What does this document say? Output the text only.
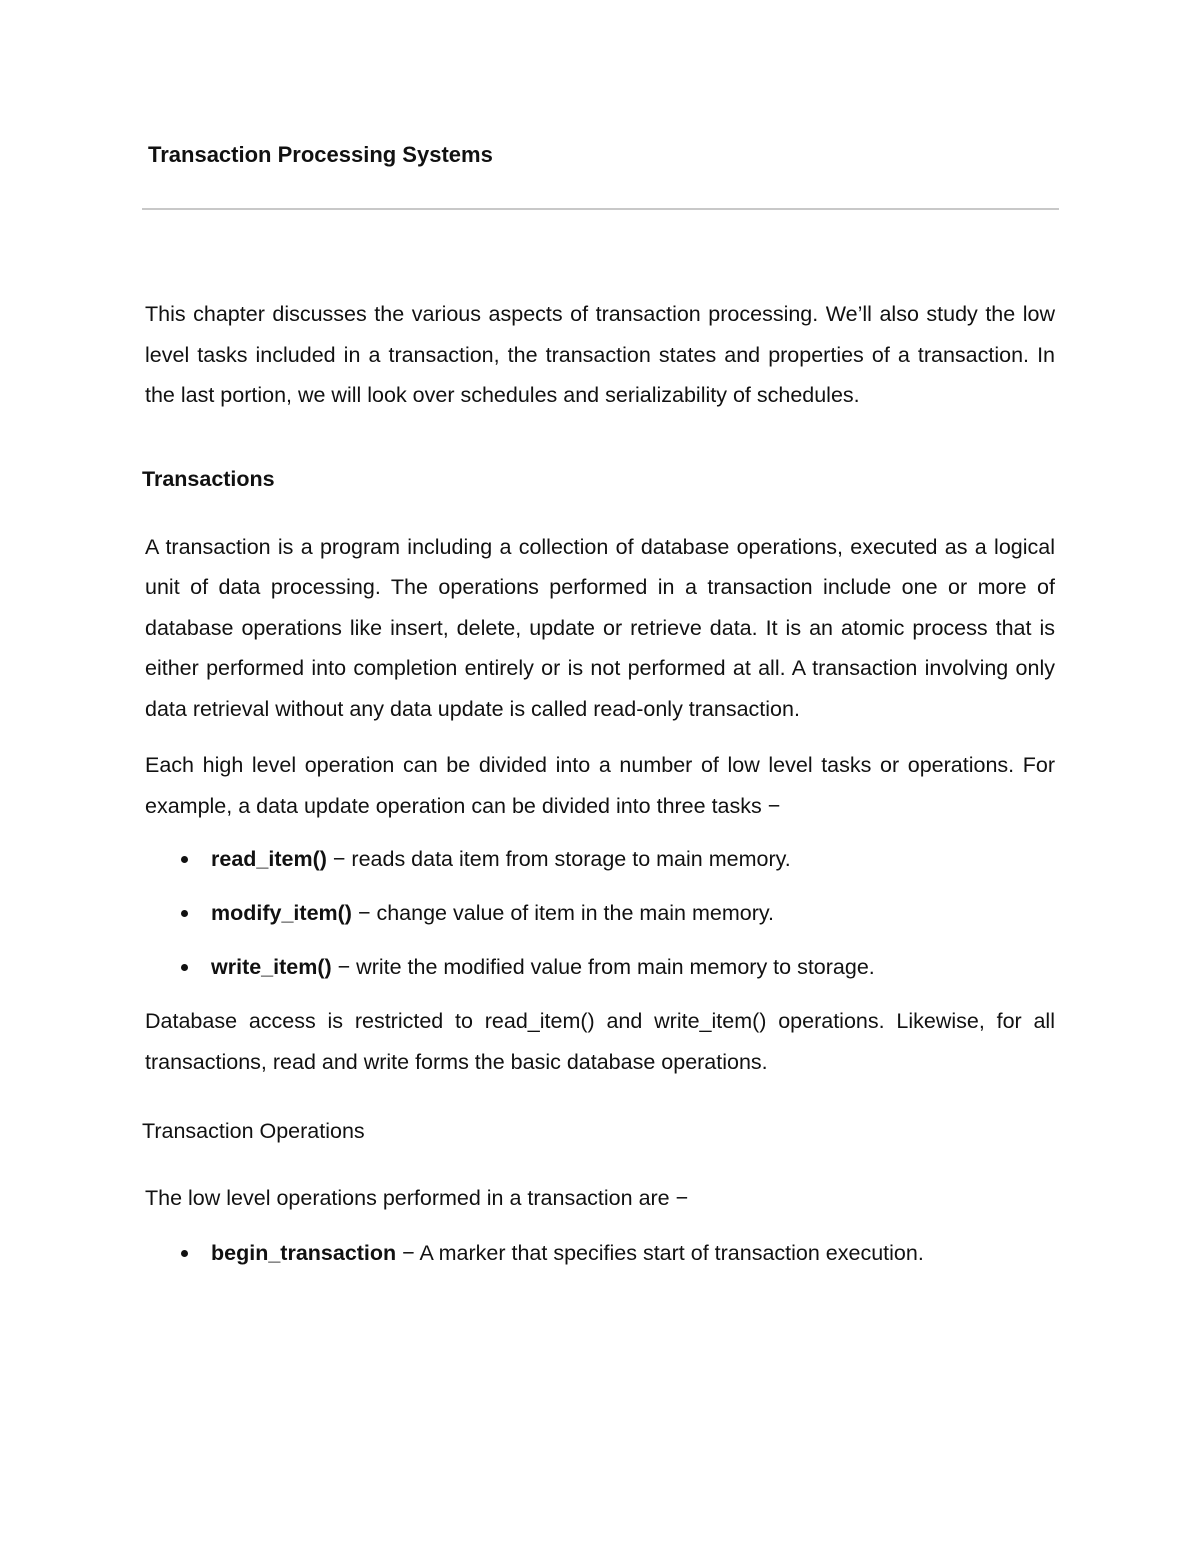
Transaction Processing Systems

This chapter discusses the various aspects of transaction processing. We’ll also study the low level tasks included in a transaction, the transaction states and properties of a transaction. In the last portion, we will look over schedules and serializability of schedules.

Transactions

A transaction is a program including a collection of database operations, executed as a logical unit of data processing. The operations performed in a transaction include one or more of database operations like insert, delete, update or retrieve data. It is an atomic process that is either performed into completion entirely or is not performed at all. A transaction involving only data retrieval without any data update is called read-only transaction.

Each high level operation can be divided into a number of low level tasks or operations. For example, a data update operation can be divided into three tasks −

read_item() − reads data item from storage to main memory.
modify_item() − change value of item in the main memory.
write_item() − write the modified value from main memory to storage.

Database access is restricted to read_item() and write_item() operations. Likewise, for all transactions, read and write forms the basic database operations.

Transaction Operations

The low level operations performed in a transaction are −

begin_transaction − A marker that specifies start of transaction execution.
